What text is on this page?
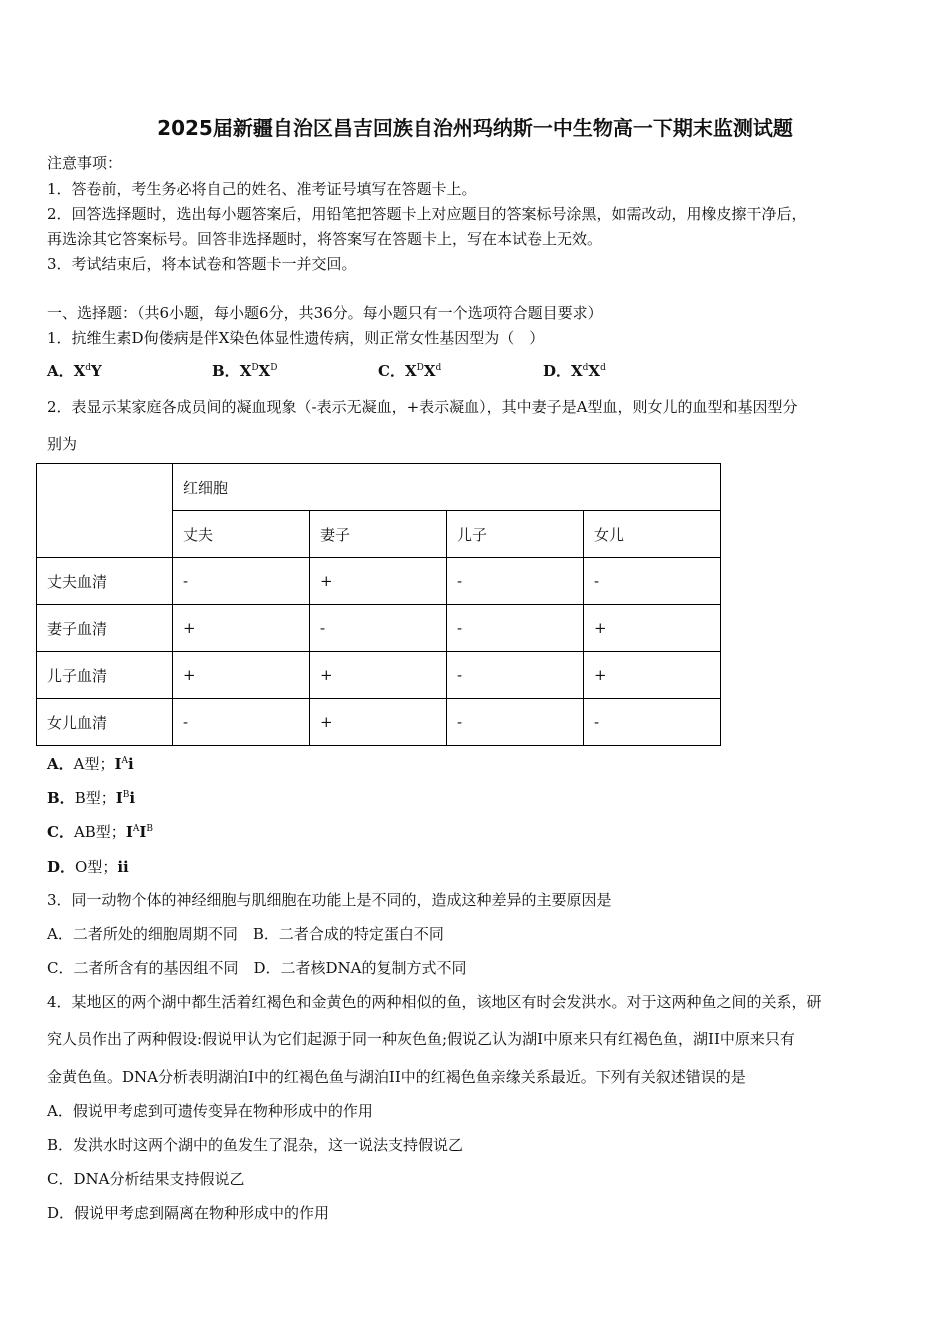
2025届新疆自治区昌吉回族自治州玛纳斯一中生物高一下期末监测试题
注意事项：
1．答卷前，考生务必将自己的姓名、准考证号填写在答题卡上。
2．回答选择题时，选出每小题答案后，用铅笔把答题卡上对应题目的答案标号涂黑，如需改动，用橡皮擦干净后，
再选涂其它答案标号。回答非选择题时，将答案写在答题卡上，写在本试卷上无效。
3．考试结束后，将本试卷和答题卡一并交回。
一、选择题：（共6小题，每小题6分，共36分。每小题只有一个选项符合题目要求）
1．抗维生素D佝偻病是伴X染色体显性遗传病，则正常女性基因型为（　）
A．$X^dY$	B．$X^DX^D$	C．$X^DX^d$	D．$X^dX^d$
2．表显示某家庭各成员间的凝血现象（-表示无凝血，+表示凝血），其中妻子是A型血，则女儿的血型和基因型分
别为
	红细胞			
	丈夫	妻子	儿子	女儿
丈夫血清	-	+	-	-
妻子血清	+	-	-	+
儿子血清	+	+	-	+
女儿血清	-	+	-	-
A．A型；$I^Ai$
B．B型；$I^Bi$
C．AB型；$I^AI^B$
D．O型；ii
3．同一动物个体的神经细胞与肌细胞在功能上是不同的，造成这种差异的主要原因是
A．二者所处的细胞周期不同　B．二者合成的特定蛋白不同
C．二者所含有的基因组不同　D．二者核DNA的复制方式不同
4．某地区的两个湖中都生活着红褐色和金黄色的两种相似的鱼，该地区有时会发洪水。对于这两种鱼之间的关系，研
究人员作出了两种假设:假说甲认为它们起源于同一种灰色鱼;假说乙认为湖I中原来只有红褐色鱼，湖II中原来只有
金黄色鱼。DNA分析表明湖泊Ⅰ中的红褐色鱼与湖泊II中的红褐色鱼亲缘关系最近。下列有关叙述错误的是
A．假说甲考虑到可遗传变异在物种形成中的作用
B．发洪水时这两个湖中的鱼发生了混杂，这一说法支持假说乙
C．DNA分析结果支持假说乙
D．假说甲考虑到隔离在物种形成中的作用
